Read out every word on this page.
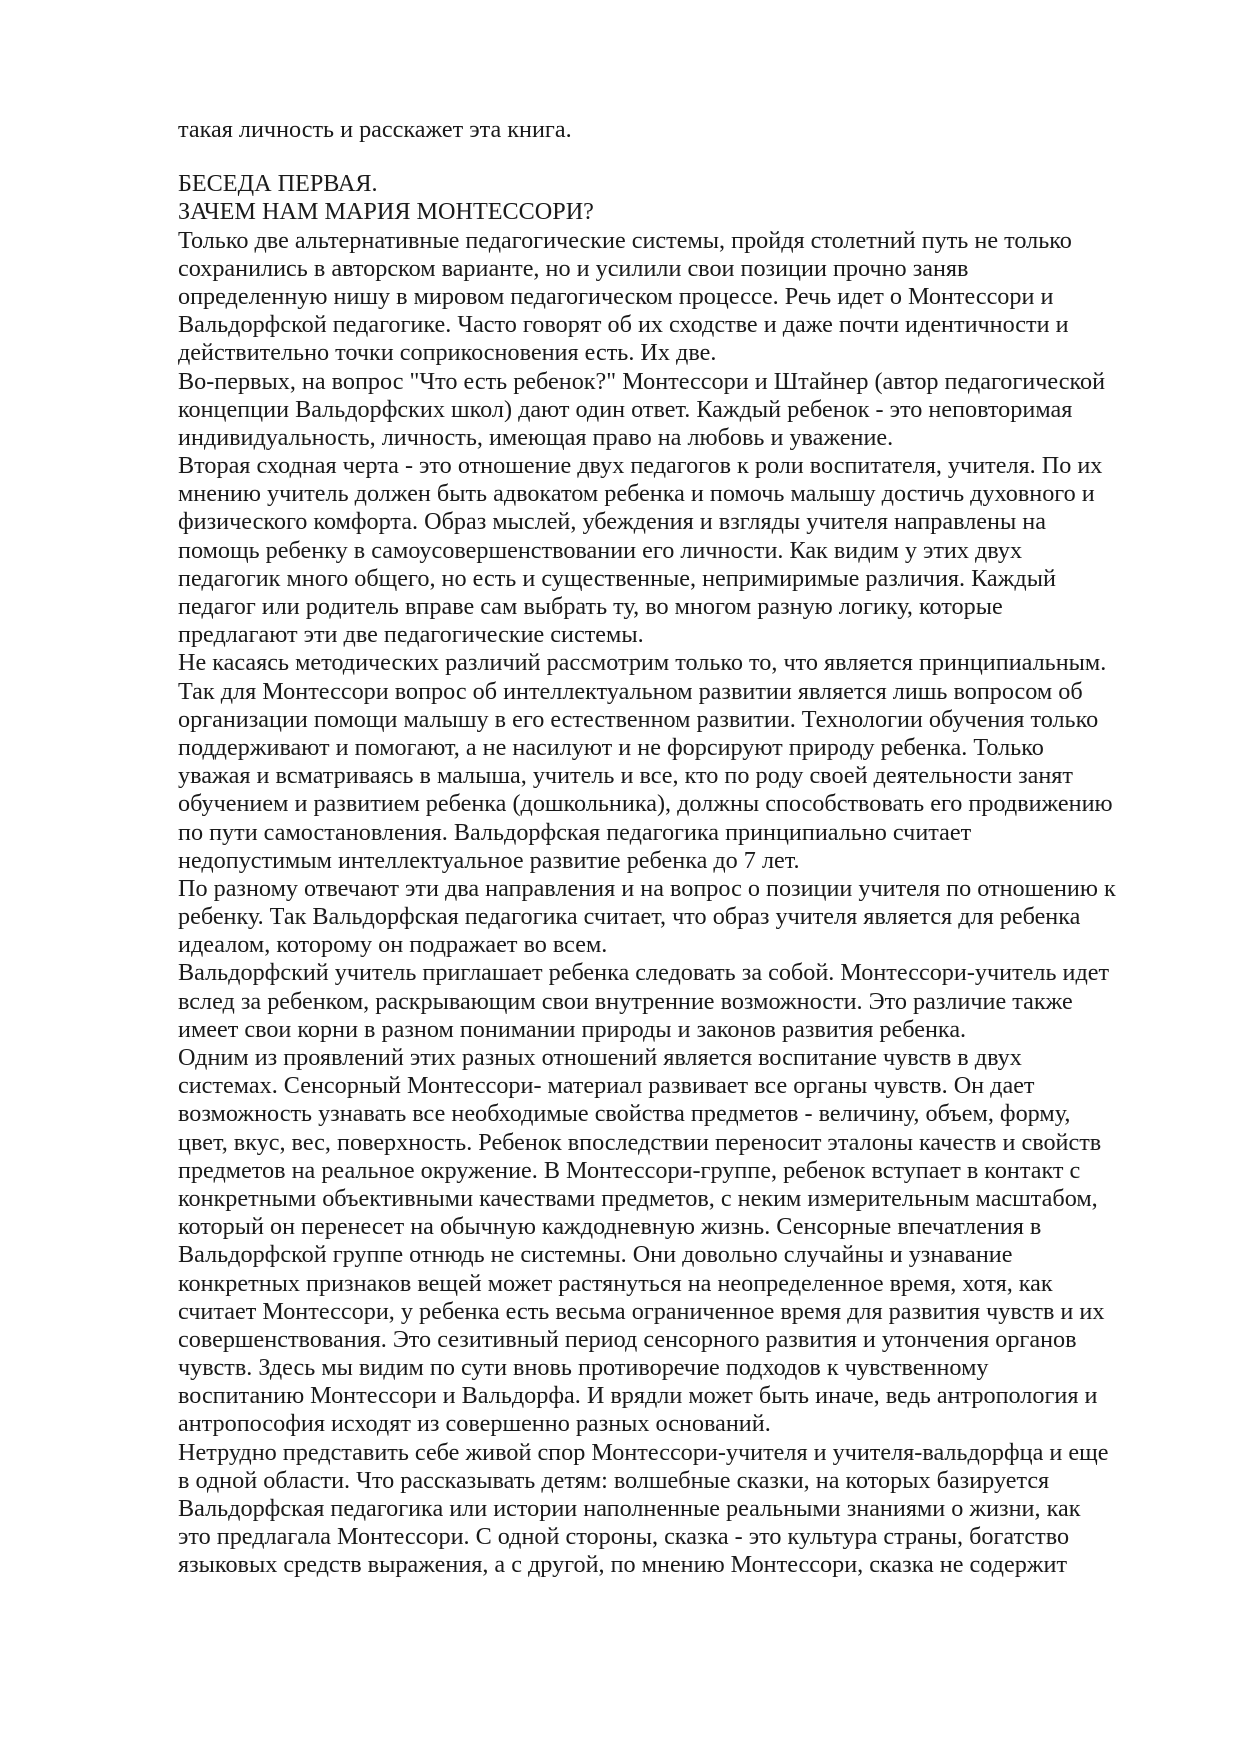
такая личность и расскажет эта книга.
БЕСЕДА ПЕРВАЯ.
ЗАЧЕМ НАМ МАРИЯ МОНТЕССОРИ?
Только две альтернативные педагогические системы, пройдя столетний путь не только
сохранились в авторском варианте, но и усилили свои позиции прочно заняв
определенную нишу в мировом педагогическом процессе. Речь идет о Монтессори и
Вальдорфской педагогике. Часто говорят об их сходстве и даже почти идентичности и
действительно точки соприкосновения есть. Их две.
Во-первых, на вопрос "Что есть ребенок?" Монтессори и Штайнер (автор педагогической
концепции Вальдорфских школ) дают один ответ. Каждый ребенок - это неповторимая
индивидуальность, личность, имеющая право на любовь и уважение.
Вторая сходная черта - это отношение двух педагогов к роли воспитателя, учителя. По их
мнению учитель должен быть адвокатом ребенка и помочь малышу достичь духовного и
физического комфорта. Образ мыслей, убеждения и взгляды учителя направлены на
помощь ребенку в самоусовершенствовании его личности. Как видим у этих двух
педагогик много общего, но есть и существенные, непримиримые различия. Каждый
педагог или родитель вправе сам выбрать ту, во многом разную логику, которые
предлагают эти две педагогические системы.
Не касаясь методических различий рассмотрим только то, что является принципиальным.
Так для Монтессори вопрос об интеллектуальном развитии является лишь вопросом об
организации помощи малышу в его естественном развитии. Технологии обучения только
поддерживают и помогают, а не насилуют и не форсируют природу ребенка. Только
уважая и всматриваясь в малыша, учитель и все, кто по роду своей деятельности занят
обучением и развитием ребенка (дошкольника), должны способствовать его продвижению
по пути самостановления. Вальдорфская педагогика принципиально считает
недопустимым интеллектуальное развитие ребенка до 7 лет.
По разному отвечают эти два направления и на вопрос о позиции учителя по отношению к
ребенку. Так Вальдорфская педагогика считает, что образ учителя является для ребенка
идеалом, которому он подражает во всем.
Вальдорфский учитель приглашает ребенка следовать за собой. Монтессори-учитель идет
вслед за ребенком, раскрывающим свои внутренние возможности. Это различие также
имеет свои корни в разном понимании природы и законов развития ребенка.
Одним из проявлений этих разных отношений является воспитание чувств в двух
системах. Сенсорный Монтессори- материал развивает все органы чувств. Он дает
возможность узнавать все необходимые свойства предметов - величину, объем, форму,
цвет, вкус, вес, поверхность. Ребенок впоследствии переносит эталоны качеств и свойств
предметов на реальное окружение. В Монтессори-группе, ребенок вступает в контакт с
конкретными объективными качествами предметов, с неким измерительным масштабом,
который он перенесет на обычную каждодневную жизнь. Сенсорные впечатления в
Вальдорфской группе отнюдь не системны. Они довольно случайны и узнавание
конкретных признаков вещей может растянуться на неопределенное время, хотя, как
считает Монтессори, у ребенка есть весьма ограниченное время для развития чувств и их
совершенствования. Это сезитивный период сенсорного развития и утончения органов
чувств. Здесь мы видим по сути вновь противоречие подходов к чувственному
воспитанию Монтессори и Вальдорфа. И врядли может быть иначе, ведь антропология и
антропософия исходят из совершенно разных оснований.
Нетрудно представить себе живой спор Монтессори-учителя и учителя-вальдорфца и еще
в одной области. Что рассказывать детям: волшебные сказки, на которых базируется
Вальдорфская педагогика или истории наполненные реальными знаниями о жизни, как
это предлагала Монтессори. С одной стороны, сказка - это культура страны, богатство
языковых средств выражения, а с другой, по мнению Монтессори, сказка не содержит
